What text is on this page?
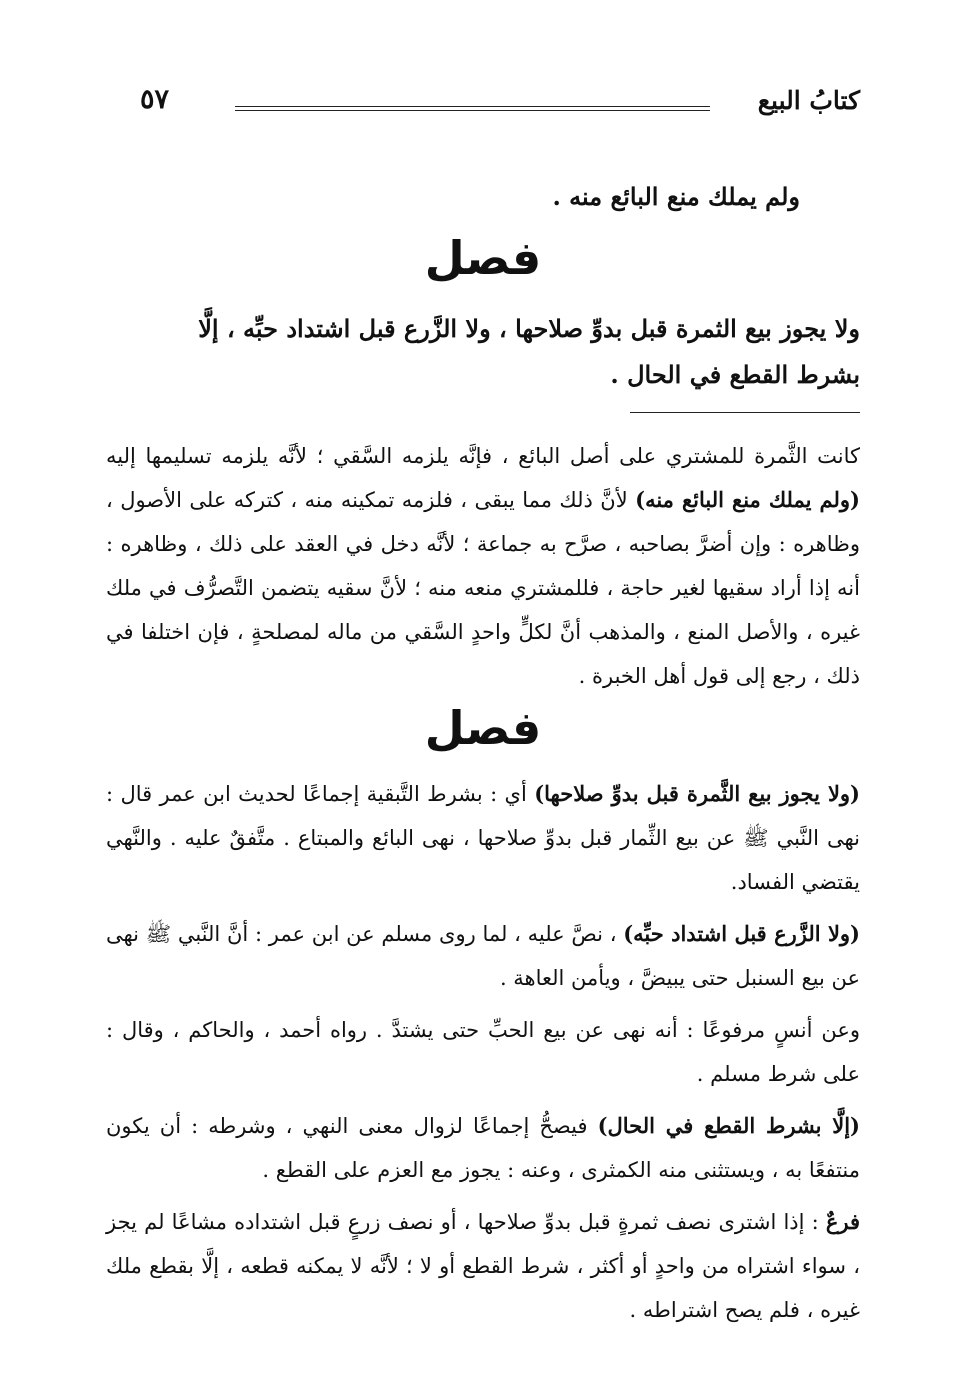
كتابُ البيع
٥٧
ولم يملك منع البائع منه .
فصل

ولا يجوز بيع الثمرة قبل بدوِّ صلاحها ، ولا الزَّرع قبل اشتداد حبِّه ، إلَّا

بشرط القطع في الحال .

كانت الثَّمرة للمشتري على أصل البائع ، فإنَّه يلزمه السَّقي ؛ لأنَّه يلزمه تسليمها إليه (ولم يملك منع البائع منه) لأنَّ ذلك مما يبقى ، فلزمه تمكينه منه ، كتركه على الأصول ، وظاهره : وإن أضرَّ بصاحبه ، صرَّح به جماعة ؛ لأنَّه دخل في العقد على ذلك ، وظاهره : أنه إذا أراد سقيها لغير حاجة ، فللمشتري منعه منه ؛ لأنَّ سقيه يتضمن التَّصرُّف في ملك غيره ، والأصل المنع ، والمذهب أنَّ لكلٍّ واحدٍ السَّقي من ماله لمصلحةٍ ، فإن اختلفا في ذلك ، رجع إلى قول أهل الخبرة .

فصل

(ولا يجوز بيع الثَّمرة قبل بدوِّ صلاحها) أي : بشرط التَّبقية إجماعًا لحديث ابن عمر قال : نهى النَّبي ﷺ عن بيع الثِّمار قبل بدوِّ صلاحها ، نهى البائع والمبتاع . متَّفقٌ عليه . والنَّهي يقتضي الفساد.

(ولا الزَّرع قبل اشتداد حبِّه) ، نصَّ عليه ، لما روى مسلم عن ابن عمر : أنَّ النَّبي ﷺ نهى عن بيع السنبل حتى يبيضَّ ، ويأمن العاهة .

وعن أنسٍ مرفوعًا : أنه نهى عن بيع الحبِّ حتى يشتدَّ . رواه أحمد ، والحاكم ، وقال : على شرط مسلم .

(إلَّا بشرط القطع في الحال) فيصحُّ إجماعًا لزوال معنى النهي ، وشرطه : أن يكون منتفعًا به ، ويستثنى منه الكمثرى ، وعنه : يجوز مع العزم على القطع .

فرعٌ : إذا اشترى نصف ثمرةٍ قبل بدوِّ صلاحها ، أو نصف زرعٍ قبل اشتداده مشاعًا لم يجز ، سواء اشتراه من واحدٍ أو أكثر ، شرط القطع أو لا ؛ لأنَّه لا يمكنه قطعه ، إلَّا بقطع ملك غيره ، فلم يصح اشتراطه .
